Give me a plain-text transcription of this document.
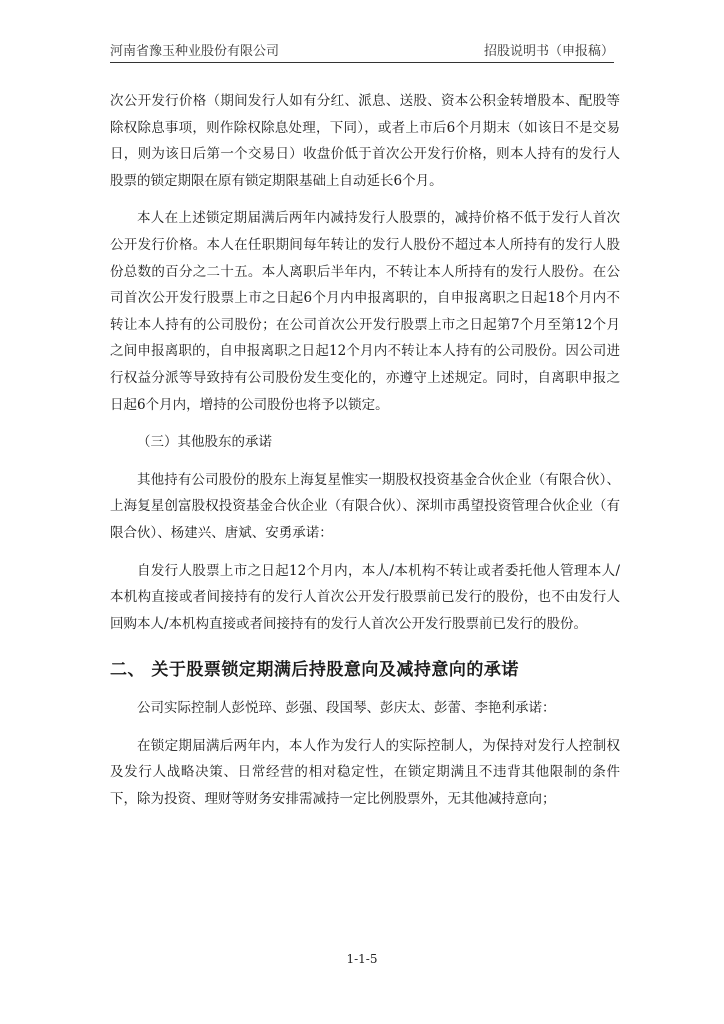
河南省豫玉种业股份有限公司	招股说明书（申报稿）

次公开发行价格（期间发行人如有分红、派息、送股、资本公积金转增股本、配股等除权除息事项，则作除权除息处理，下同），或者上市后6个月期末（如该日不是交易日，则为该日后第一个交易日）收盘价低于首次公开发行价格，则本人持有的发行人股票的锁定期限在原有锁定期限基础上自动延长6个月。

本人在上述锁定期届满后两年内减持发行人股票的，减持价格不低于发行人首次公开发行价格。本人在任职期间每年转让的发行人股份不超过本人所持有的发行人股份总数的百分之二十五。本人离职后半年内，不转让本人所持有的发行人股份。在公司首次公开发行股票上市之日起6个月内申报离职的，自申报离职之日起18个月内不转让本人持有的公司股份；在公司首次公开发行股票上市之日起第7个月至第12个月之间申报离职的，自申报离职之日起12个月内不转让本人持有的公司股份。因公司进行权益分派等导致持有公司股份发生变化的，亦遵守上述规定。同时，自离职申报之日起6个月内，增持的公司股份也将予以锁定。

（三）其他股东的承诺

其他持有公司股份的股东上海复星惟实一期股权投资基金合伙企业（有限合伙）、上海复星创富股权投资基金合伙企业（有限合伙）、深圳市禹望投资管理合伙企业（有限合伙）、杨建兴、唐斌、安勇承诺：

自发行人股票上市之日起12个月内，本人/本机构不转让或者委托他人管理本人/本机构直接或者间接持有的发行人首次公开发行股票前已发行的股份，也不由发行人回购本人/本机构直接或者间接持有的发行人首次公开发行股票前已发行的股份。

二、 关于股票锁定期满后持股意向及减持意向的承诺

公司实际控制人彭悦琗、彭强、段国琴、彭庆太、彭蕾、李艳利承诺：

在锁定期届满后两年内，本人作为发行人的实际控制人，为保持对发行人控制权及发行人战略决策、日常经营的相对稳定性，在锁定期满且不违背其他限制的条件下，除为投资、理财等财务安排需减持一定比例股票外，无其他减持意向；

1-1-5
